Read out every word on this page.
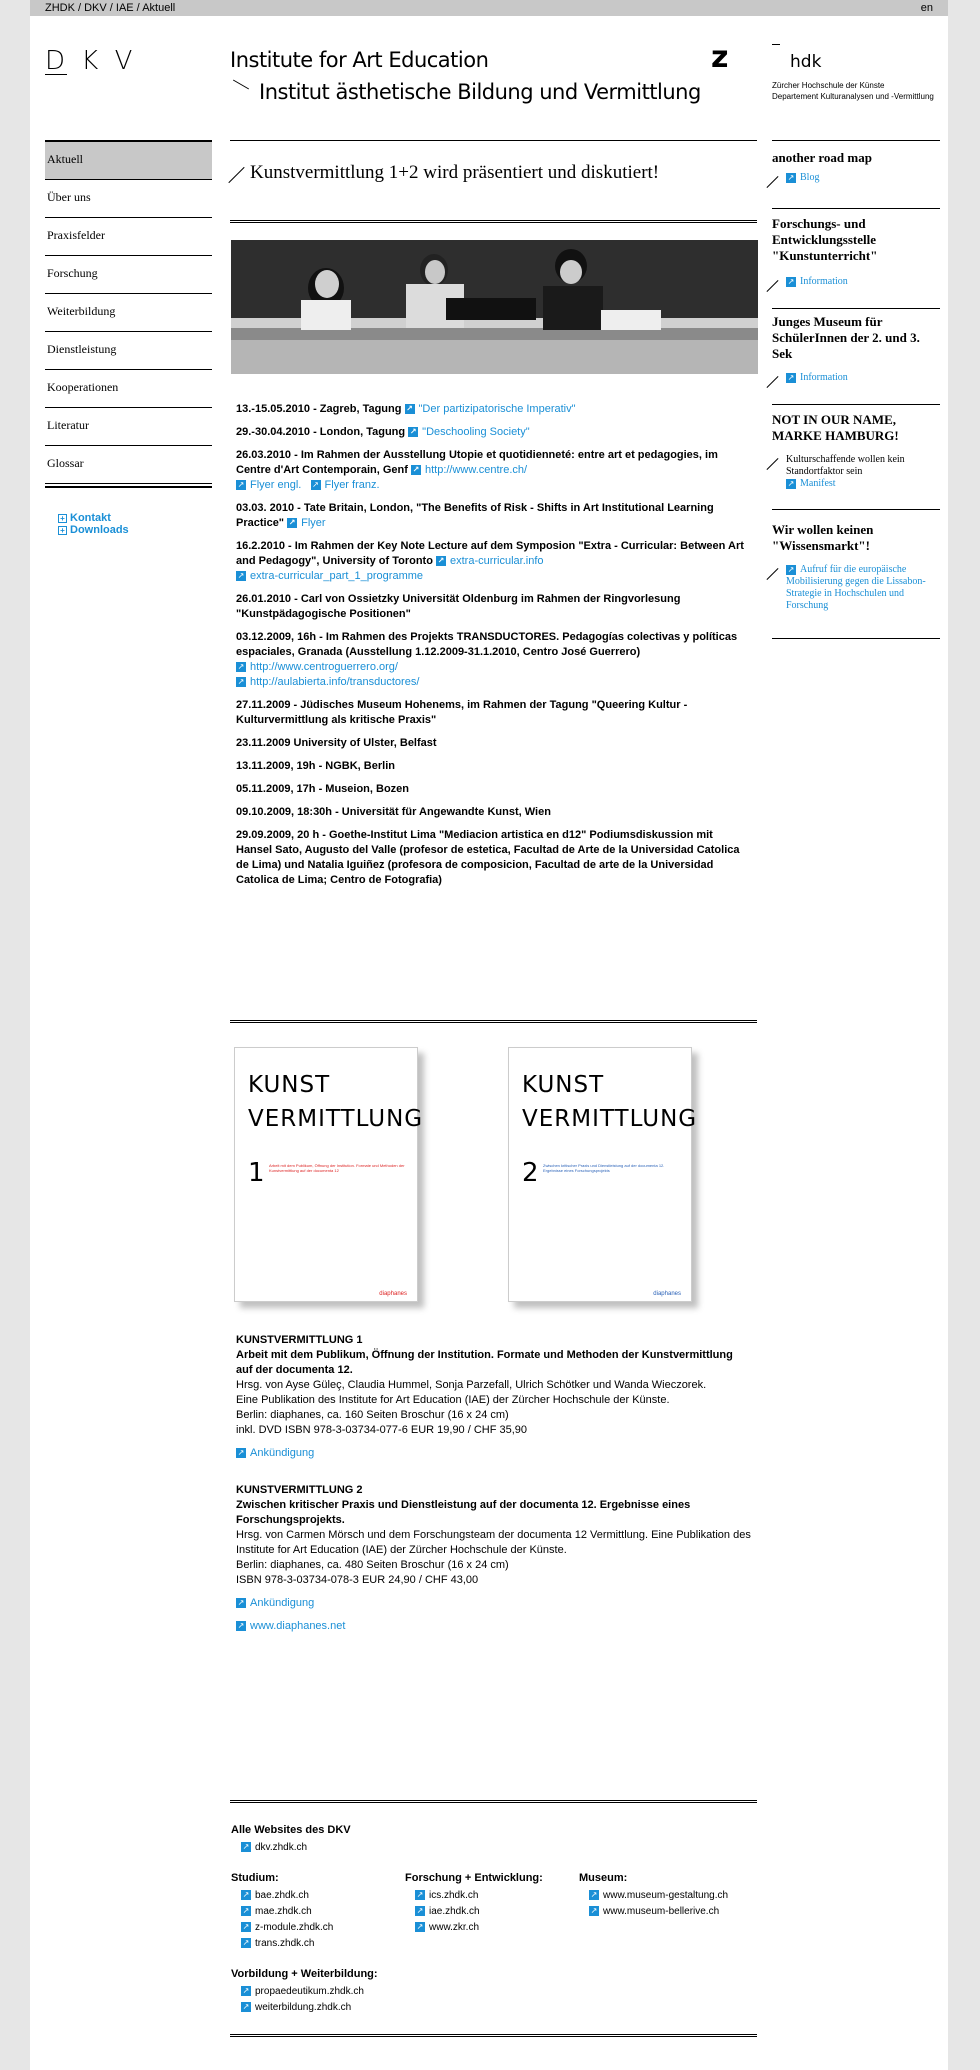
ZHDK / DKV / IAE / Aktuell	en
D K V	Institute for Art Education
Institut ästhetische Bildung und Vermittlung
z	hdk
Zürcher Hochschule der Künste
Departement Kulturanalysen und -Vermittlung
Aktuell
Über uns
Praxisfelder
Forschung
Weiterbildung
Dienstleistung
Kooperationen
Literatur
Glossar
+ Kontakt
+ Downloads
Kunstvermittlung 1+2 wird präsentiert und diskutiert!

13.-15.05.2010 - Zagreb, Tagung ↗ "Der partizipatorische Imperativ"

29.-30.04.2010 - London, Tagung ↗ "Deschooling Society"

26.03.2010 - Im Rahmen der Ausstellung Utopie et quotidienneté: entre art et pedagogies, im Centre d'Art Contemporain, Genf ↗ http://www.centre.ch/
↗ Flyer engl. ↗ Flyer franz.

03.03. 2010 - Tate Britain, London, "The Benefits of Risk - Shifts in Art Institutional Learning Practice" ↗ Flyer

16.2.2010 - Im Rahmen der Key Note Lecture auf dem Symposion "Extra - Curricular: Between Art and Pedagogy", University of Toronto ↗ extra-curricular.info
↗ extra-curricular_part_1_programme

26.01.2010 - Carl von Ossietzky Universität Oldenburg im Rahmen der Ringvorlesung "Kunstpädagogische Positionen"

03.12.2009, 16h - Im Rahmen des Projekts TRANSDUCTORES. Pedagogías colectivas y políticas espaciales, Granada (Ausstellung 1.12.2009-31.1.2010, Centro José Guerrero)
↗ http://www.centroguerrero.org/
↗ http://aulabierta.info/transductores/

27.11.2009 - Jüdisches Museum Hohenems, im Rahmen der Tagung "Queering Kultur - Kulturvermittlung als kritische Praxis"

23.11.2009 University of Ulster, Belfast

13.11.2009, 19h - NGBK, Berlin

05.11.2009, 17h - Museion, Bozen

09.10.2009, 18:30h - Universität für Angewandte Kunst, Wien

29.09.2009, 20 h - Goethe-Institut Lima "Mediacion artistica en d12" Podiumsdiskussion mit Hansel Sato, Augusto del Valle (profesor de estetica, Facultad de Arte de la Universidad Catolica de Lima) und Natalia Iguiñez (profesora de composicion, Facultad de arte de la Universidad Catolica de Lima; Centro de Fotografia)

KUNST
VERMITTLUNG
1 Arbeit mit dem Publikum, Öffnung der Institution. Formate und Methoden der Kunstvermittlung auf der documenta 12
diaphanes
KUNST
VERMITTLUNG
2 Zwischen kritischer Praxis und Dienstleistung auf der documenta 12. Ergebnisse eines Forschungsprojekts
diaphanes
KUNSTVERMITTLUNG 1
Arbeit mit dem Publikum, Öffnung der Institution. Formate und Methoden der Kunstvermittlung auf der documenta 12.
Hrsg. von Ayse Güleç, Claudia Hummel, Sonja Parzefall, Ulrich Schötker und Wanda Wieczorek.
Eine Publikation des Institute for Art Education (IAE) der Zürcher Hochschule der Künste.
Berlin: diaphanes, ca. 160 Seiten Broschur (16 x 24 cm)
inkl. DVD ISBN 978-3-03734-077-6 EUR 19,90 / CHF 35,90
↗ Ankündigung
KUNSTVERMITTLUNG 2
Zwischen kritischer Praxis und Dienstleistung auf der documenta 12. Ergebnisse eines Forschungsprojekts.
Hrsg. von Carmen Mörsch und dem Forschungsteam der documenta 12 Vermittlung. Eine Publikation des Institute for Art Education (IAE) der Zürcher Hochschule der Künste.
Berlin: diaphanes, ca. 480 Seiten Broschur (16 x 24 cm)
ISBN 978-3-03734-078-3 EUR 24,90 / CHF 43,00
↗ Ankündigung
↗ www.diaphanes.net
another road map
↗ Blog
Forschungs- und Entwicklungsstelle "Kunstunterricht"
↗ Information
Junges Museum für SchülerInnen der 2. und 3. Sek
↗ Information
NOT IN OUR NAME, MARKE HAMBURG!
Kulturschaffende wollen kein Standortfaktor sein
↗ Manifest
Wir wollen keinen "Wissensmarkt"!
↗ Aufruf für die europäische Mobilisierung gegen die Lissabon-Strategie in Hochschulen und Forschung
Alle Websites des DKV
↗ dkv.zhdk.ch
Studium:
↗ bae.zhdk.ch
↗ mae.zhdk.ch
↗ z-module.zhdk.ch
↗ trans.zhdk.ch
Forschung + Entwicklung:
↗ ics.zhdk.ch
↗ iae.zhdk.ch
↗ www.zkr.ch
Museum:
↗ www.museum-gestaltung.ch
↗ www.museum-bellerive.ch
Vorbildung + Weiterbildung:
↗ propaedeutikum.zhdk.ch
↗ weiterbildung.zhdk.ch
